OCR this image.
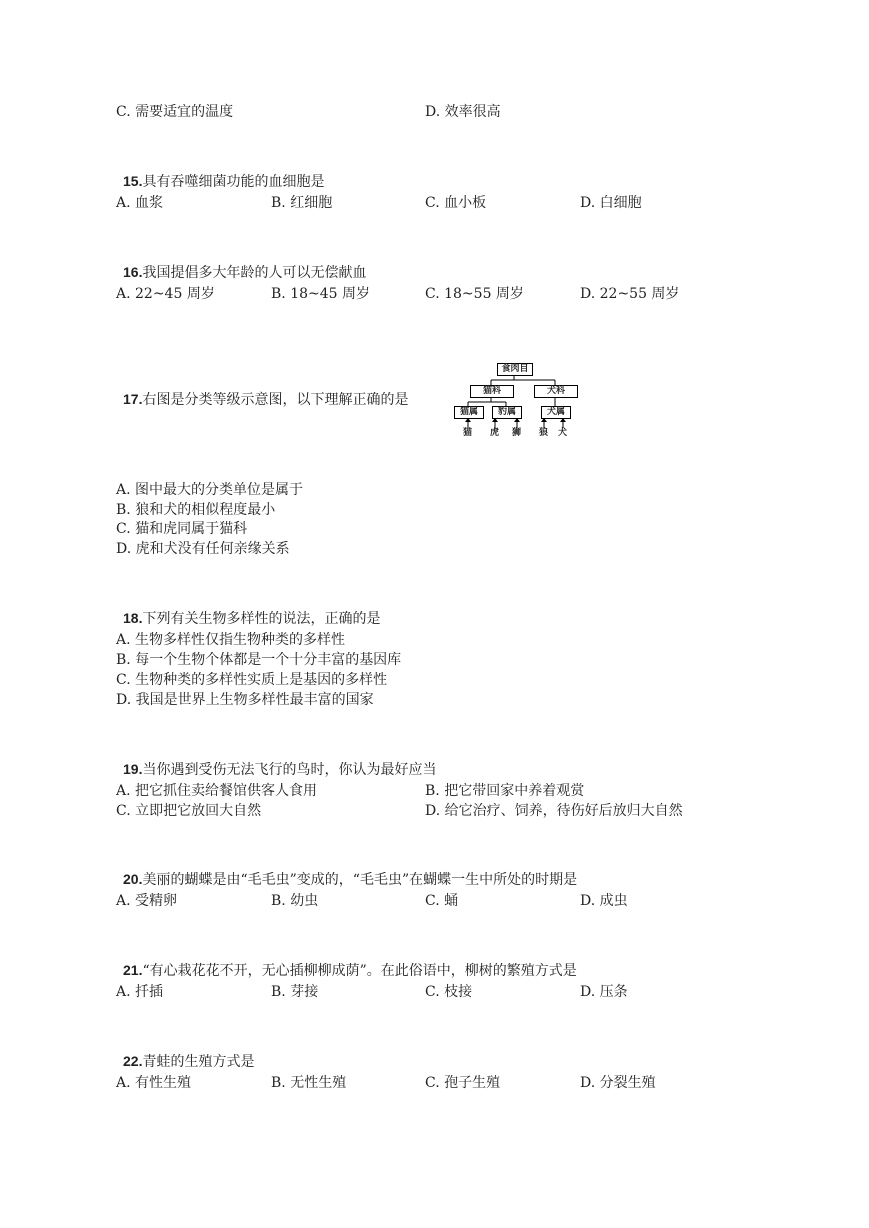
C. 需要适宜的温度	D. 效率很高
15.具有吞噬细菌功能的血细胞是
A. 血浆	B. 红细胞	C. 血小板	D. 白细胞
16.我国提倡多大年龄的人可以无偿献血
A. 22~45 周岁	B. 18~45 周岁	C. 18~55 周岁	D. 22~55 周岁
17.右图是分类等级示意图，以下理解正确的是
食肉目
猫科	犬科
猫属	豹属	犬属
猫 虎 狮 狼 犬
A. 图中最大的分类单位是属于
B. 狼和犬的相似程度最小
C. 猫和虎同属于猫科
D. 虎和犬没有任何亲缘关系
18.下列有关生物多样性的说法，正确的是
A. 生物多样性仅指生物种类的多样性
B. 每一个生物个体都是一个十分丰富的基因库
C. 生物种类的多样性实质上是基因的多样性
D. 我国是世界上生物多样性最丰富的国家
19.当你遇到受伤无法飞行的鸟时，你认为最好应当
A. 把它抓住卖给餐馆供客人食用	B. 把它带回家中养着观赏
C. 立即把它放回大自然	D. 给它治疗、饲养，待伤好后放归大自然
20.美丽的蝴蝶是由“毛毛虫”变成的，“毛毛虫”在蝴蝶一生中所处的时期是
A. 受精卵	B. 幼虫	C. 蛹	D. 成虫
21.“有心栽花花不开，无心插柳柳成荫”。在此俗语中，柳树的繁殖方式是
A. 扦插	B. 芽接	C. 枝接	D. 压条
22.青蛙的生殖方式是
A. 有性生殖	B. 无性生殖	C. 孢子生殖	D. 分裂生殖
